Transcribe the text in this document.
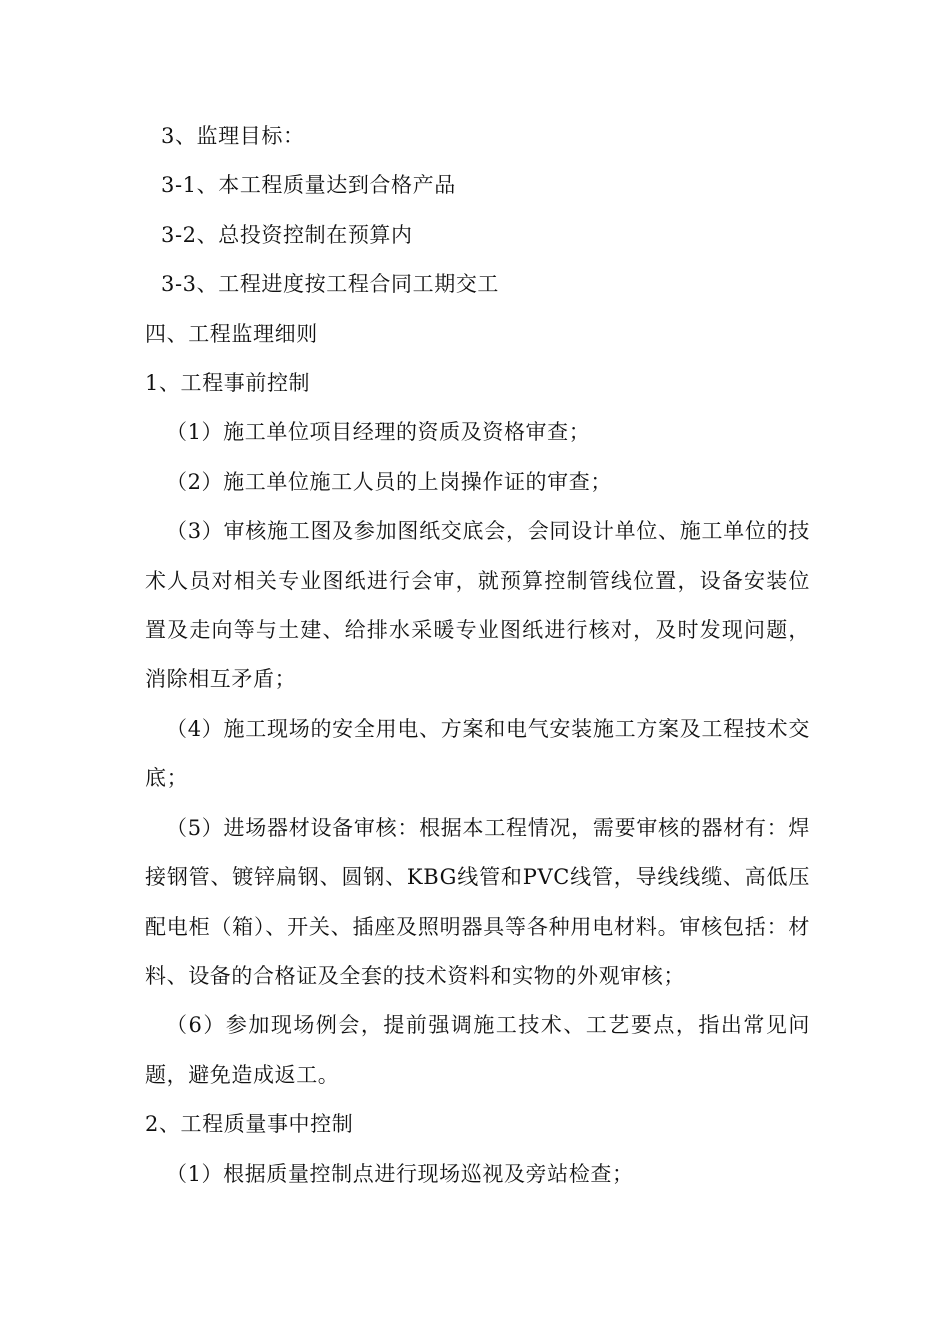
3、监理目标：

3-1、本工程质量达到合格产品

3-2、总投资控制在预算内

3-3、工程进度按工程合同工期交工

四、工程监理细则

1、工程事前控制

（1）施工单位项目经理的资质及资格审查；

（2）施工单位施工人员的上岗操作证的审查；

（3）审核施工图及参加图纸交底会，会同设计单位、施工单位的技术人员对相关专业图纸进行会审，就预算控制管线位置，设备安装位置及走向等与土建、给排水采暖专业图纸进行核对，及时发现问题，消除相互矛盾；

（4）施工现场的安全用电、方案和电气安装施工方案及工程技术交底；

（5）进场器材设备审核：根据本工程情况，需要审核的器材有：焊接钢管、镀锌扁钢、圆钢、KBG线管和PVC线管，导线线缆、高低压配电柜（箱）、开关、插座及照明器具等各种用电材料。审核包括：材料、设备的合格证及全套的技术资料和实物的外观审核；

（6）参加现场例会，提前强调施工技术、工艺要点，指出常见问题，避免造成返工。

2、工程质量事中控制

（1）根据质量控制点进行现场巡视及旁站检查；
